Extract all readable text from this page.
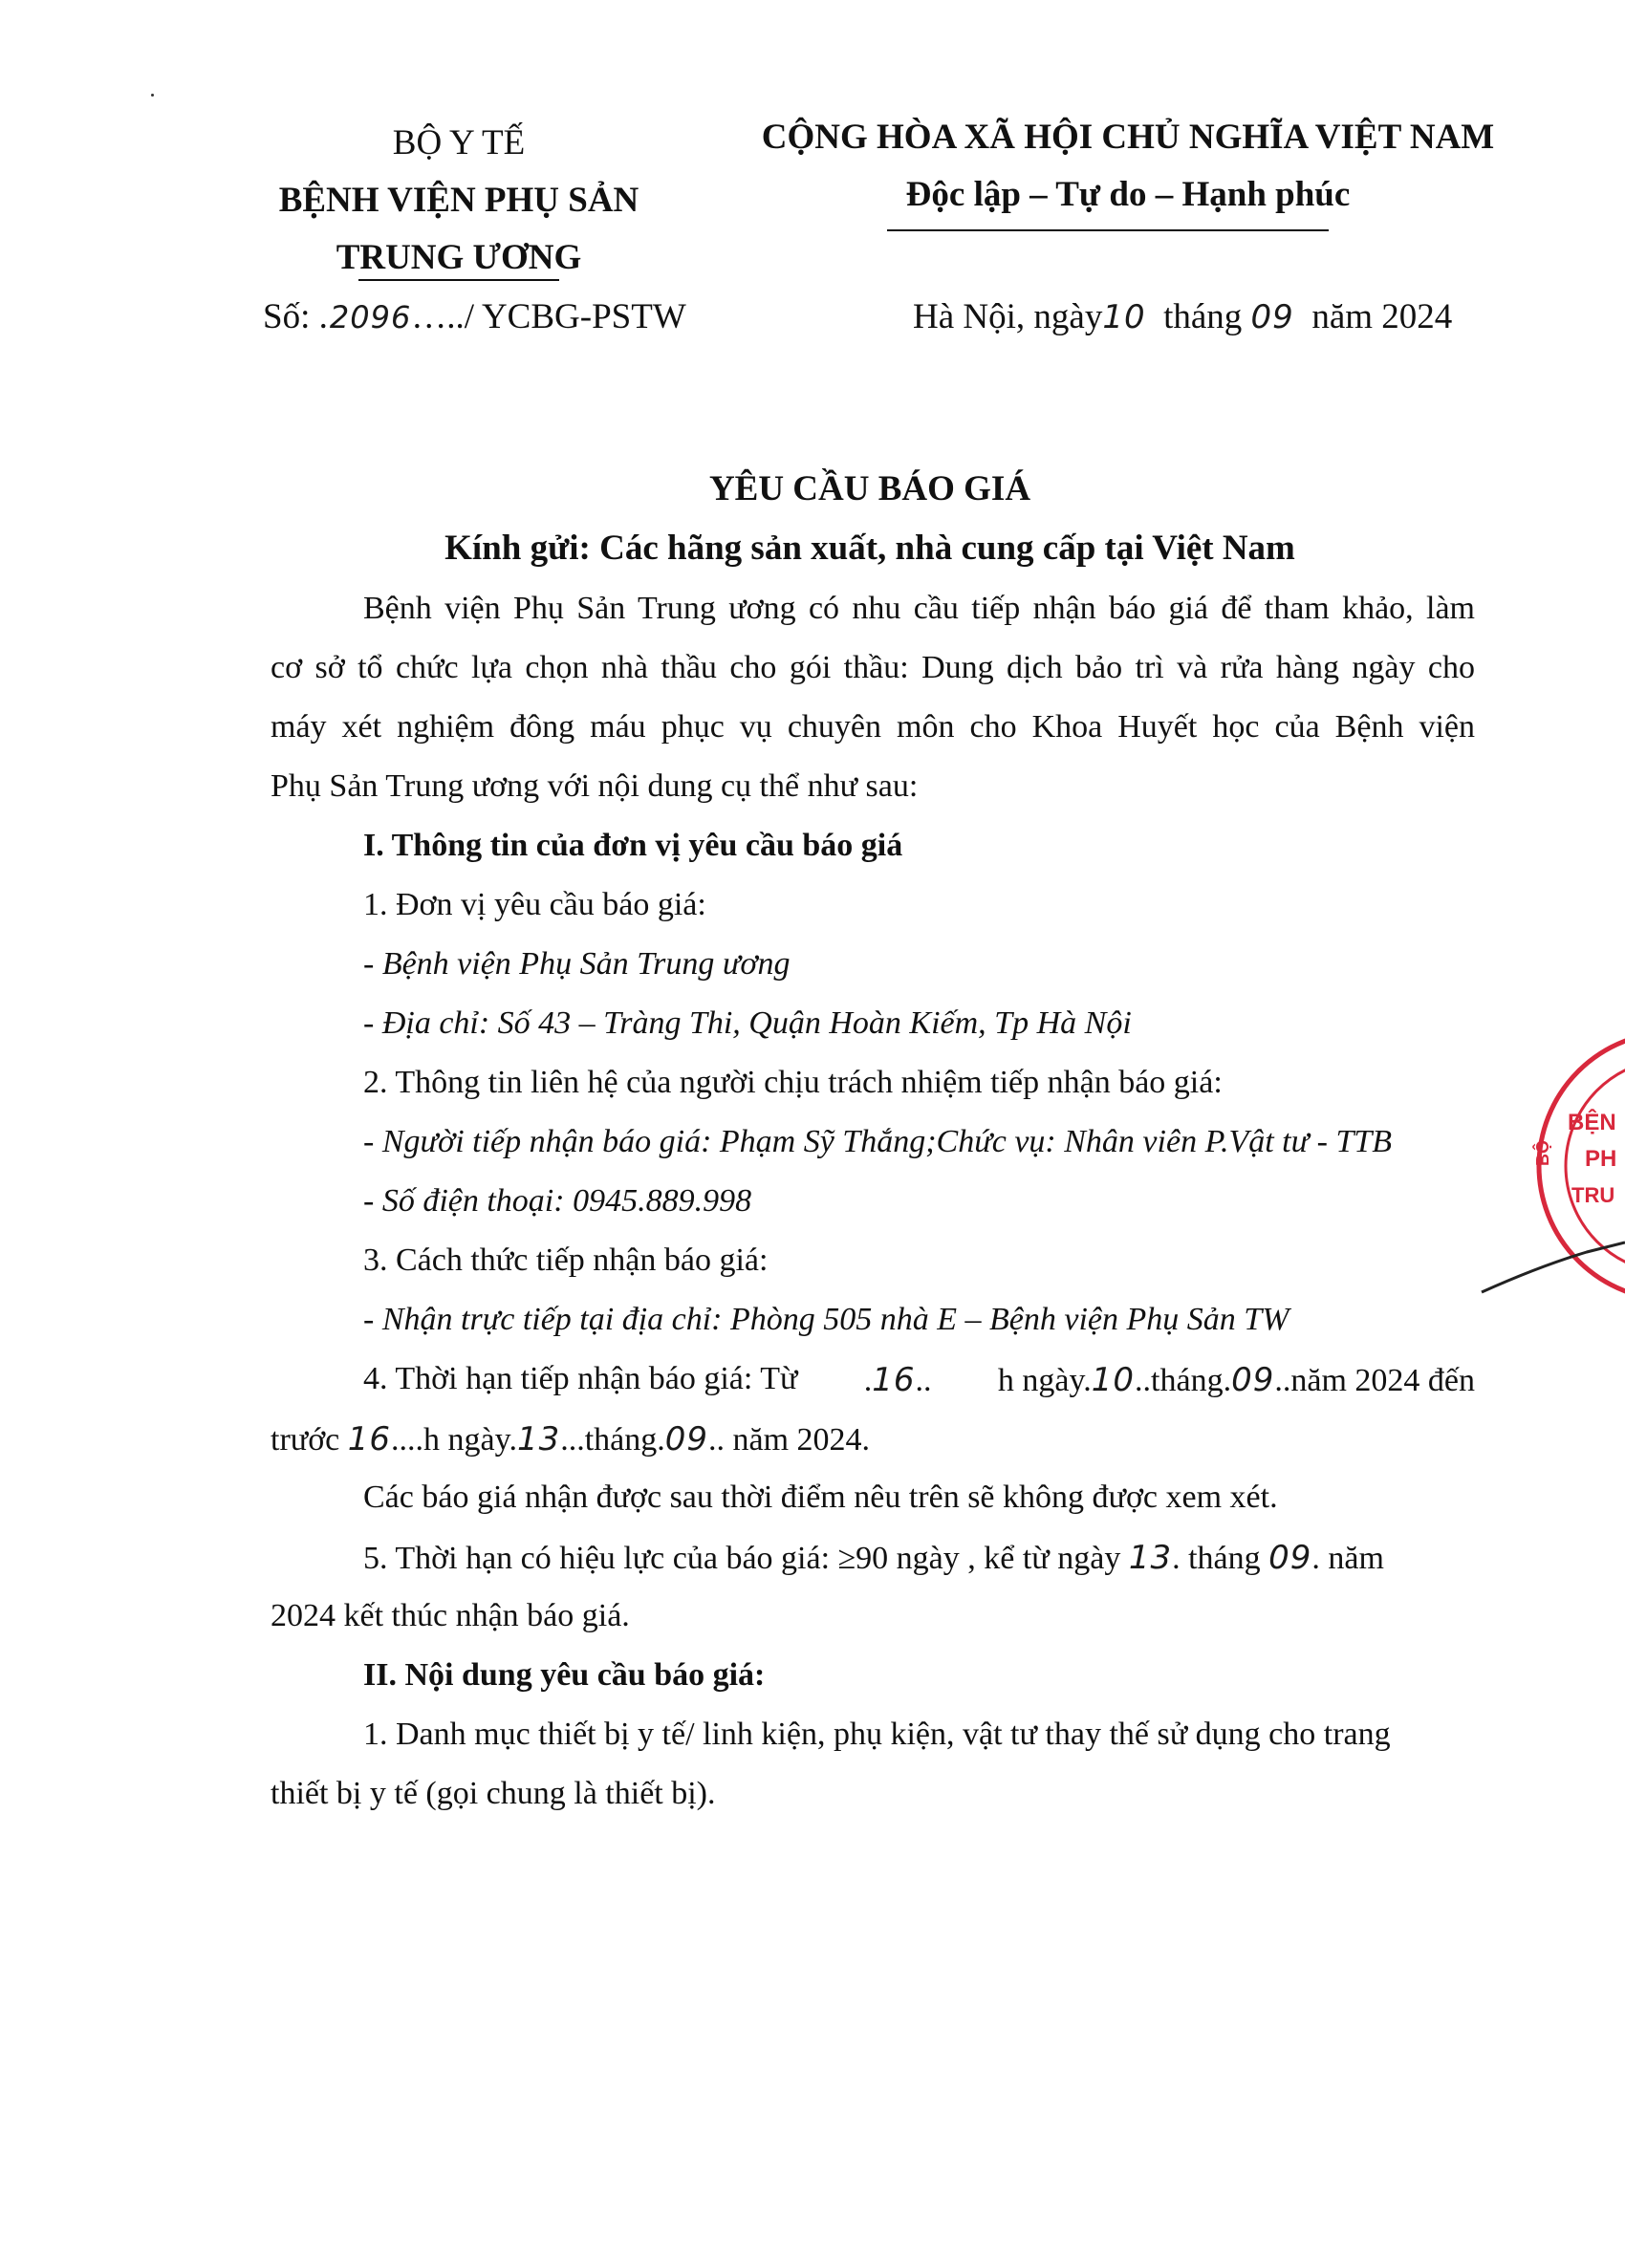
BỘ Y TẾ
BỆNH VIỆN PHỤ SẢN
TRUNG ƯƠNG
Số: .2096…../ YCBG-PSTW
CỘNG HÒA XÃ HỘI CHỦ NGHĨA VIỆT NAM
Độc lập – Tự do – Hạnh phúc
Hà Nội, ngày10 tháng 09 năm 2024
YÊU CẦU BÁO GIÁ
Kính gửi: Các hãng sản xuất, nhà cung cấp tại Việt Nam
Bệnh viện Phụ Sản Trung ương có nhu cầu tiếp nhận báo giá để tham khảo, làm
cơ sở tổ chức lựa chọn nhà thầu cho gói thầu: Dung dịch bảo trì và rửa hàng ngày cho
máy xét nghiệm đông máu phục vụ chuyên môn cho Khoa Huyết học của Bệnh viện
Phụ Sản Trung ương với nội dung cụ thể như sau:
I. Thông tin của đơn vị yêu cầu báo giá
1. Đơn vị yêu cầu báo giá:
- Bệnh viện Phụ Sản Trung ương
- Địa chỉ: Số 43 – Tràng Thi, Quận Hoàn Kiếm, Tp Hà Nội
2. Thông tin liên hệ của người chịu trách nhiệm tiếp nhận báo giá:
- Người tiếp nhận báo giá: Phạm Sỹ Thắng;Chức vụ: Nhân viên P.Vật tư - TTB
- Số điện thoại: 0945.889.998
3. Cách thức tiếp nhận báo giá:
- Nhận trực tiếp tại địa chỉ: Phòng 505 nhà E – Bệnh viện Phụ Sản TW
4. Thời hạn tiếp nhận báo giá: Từ .16.. h ngày.10..tháng.09..năm 2024 đến
trước 16....h ngày.13...tháng.09.. năm 2024.
Các báo giá nhận được sau thời điểm nêu trên sẽ không được xem xét.
5. Thời hạn có hiệu lực của báo giá: ≥90 ngày , kể từ ngày 13. tháng 09. năm
2024 kết thúc nhận báo giá.
II. Nội dung yêu cầu báo giá:
1. Danh mục thiết bị y tế/ linh kiện, phụ kiện, vật tư thay thế sử dụng cho trang
thiết bị y tế (gọi chung là thiết bị).
BỆN
PH
TRU
BỘ
